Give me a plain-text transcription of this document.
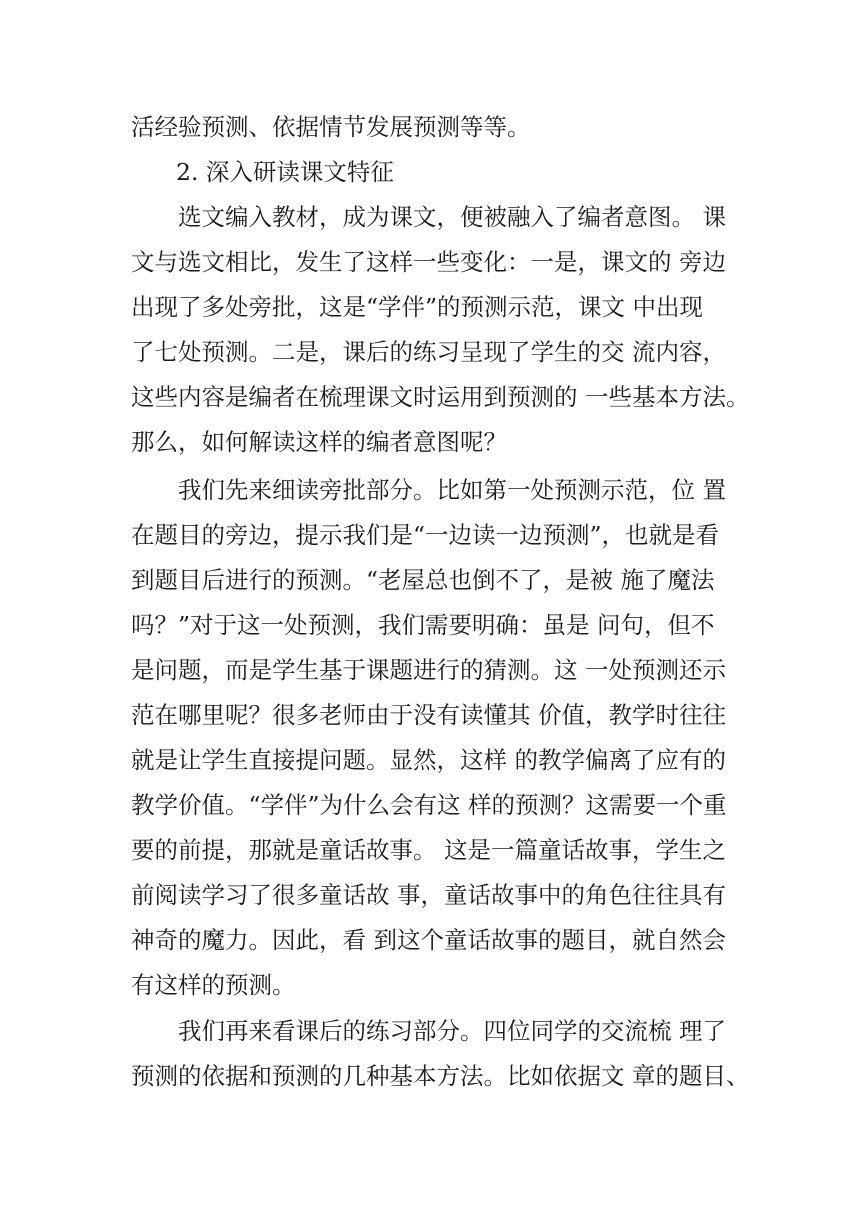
活经验预测、依据情节发展预测等等。
2. 深入研读课文特征
选文编入教材，成为课文，便被融入了编者意图。 课
文与选文相比，发生了这样一些变化：一是，课文的 旁边
出现了多处旁批，这是“学伴”的预测示范，课文 中出现
了七处预测。二是，课后的练习呈现了学生的交 流内容，
这些内容是编者在梳理课文时运用到预测的 一些基本方法。
那么，如何解读这样的编者意图呢？
我们先来细读旁批部分。比如第一处预测示范，位 置
在题目的旁边，提示我们是“一边读一边预测”，也就是看
到题目后进行的预测。“老屋总也倒不了，是被 施了魔法
吗？”对于这一处预测，我们需要明确：虽是 问句，但不
是问题，而是学生基于课题进行的猜测。这 一处预测还示
范在哪里呢？很多老师由于没有读懂其 价值，教学时往往
就是让学生直接提问题。显然，这样 的教学偏离了应有的
教学价值。“学伴”为什么会有这 样的预测？这需要一个重
要的前提，那就是童话故事。 这是一篇童话故事，学生之
前阅读学习了很多童话故 事，童话故事中的角色往往具有
神奇的魔力。因此，看 到这个童话故事的题目，就自然会
有这样的预测。
我们再来看课后的练习部分。四位同学的交流梳 理了
预测的依据和预测的几种基本方法。比如依据文 章的题目、
